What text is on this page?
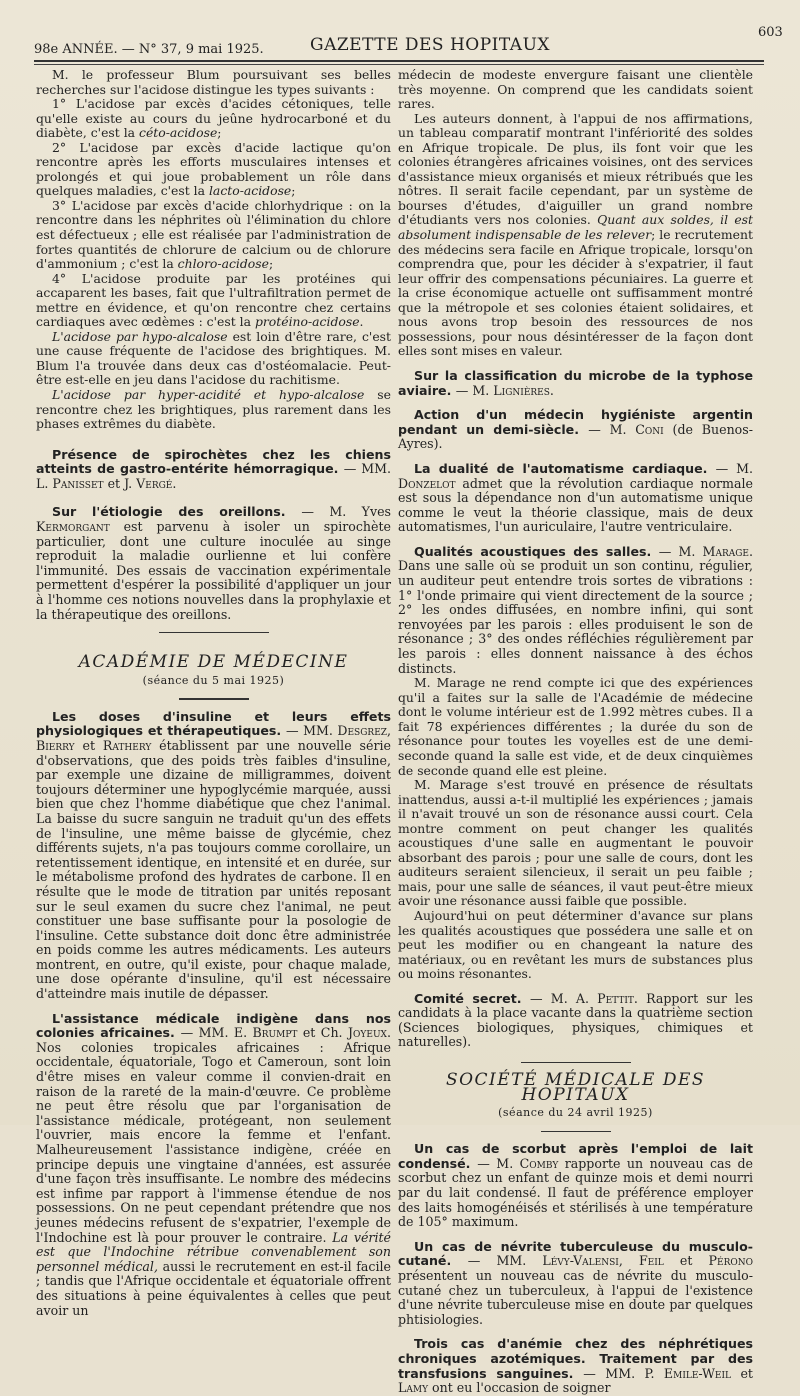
98e ANNÉE. — N° 37, 9 mai 1925.	GAZETTE DES HOPITAUX
603

M. le professeur Blum poursuivant ses belles recherches sur l'acidose distingue les types suivants :

1° L'acidose par excès d'acides cétoniques, telle qu'elle existe au cours du jeûne hydrocarboné et du diabète, c'est la céto-acidose;

2° L'acidose par excès d'acide lactique qu'on rencontre après les efforts musculaires intenses et prolongés et qui joue probablement un rôle dans quelques maladies, c'est la lacto-acidose;

3° L'acidose par excès d'acide chlorhydrique : on la rencontre dans les néphrites où l'élimination du chlore est défectueux ; elle est réalisée par l'administration de fortes quantités de chlorure de calcium ou de chlorure d'ammonium ; c'est la chloro-acidose;

4° L'acidose produite par les protéines qui accaparent les bases, fait que l'ultrafiltration permet de mettre en évidence, et qu'on rencontre chez certains cardiaques avec œdèmes : c'est la protéino-acidose.

L'acidose par hypo-alcalose est loin d'être rare, c'est une cause fréquente de l'acidose des brightiques. M. Blum l'a trouvée dans deux cas d'ostéomalacie. Peut-être est-elle en jeu dans l'acidose du rachitisme.

L'acidose par hyper-acidité et hypo-alcalose se rencontre chez les brightiques, plus rarement dans les phases extrêmes du diabète.

Présence de spirochètes chez les chiens atteints de gastro-entérite hémorragique. — MM. L. Panisset et J. Vergé.
Sur l'étiologie des oreillons. — M. Yves Kermorgant est parvenu à isoler un spirochète particulier, dont une culture inoculée au singe reproduit la maladie ourlienne et lui confère l'immunité. Des essais de vaccination expérimentale permettent d'espérer la possibilité d'appliquer un jour à l'homme ces notions nouvelles dans la prophylaxie et la thérapeutique des oreillons.
ACADÉMIE DE MÉDECINE
(séance du 5 mai 1925)
Les doses d'insuline et leurs effets physiologiques et thérapeutiques. — MM. Desgrez, Bierry et Rathery établissent par une nouvelle série d'observations, que des poids très faibles d'insuline, par exemple une dizaine de milligrammes, doivent toujours déterminer une hypoglycémie marquée, aussi bien que chez l'homme diabétique que chez l'animal. La baisse du sucre sanguin ne traduit qu'un des effets de l'insuline, une même baisse de glycémie, chez différents sujets, n'a pas toujours comme corollaire, un retentissement identique, en intensité et en durée, sur le métabolisme profond des hydrates de carbone. Il en résulte que le mode de titration par unités reposant sur le seul examen du sucre chez l'animal, ne peut constituer une base suffisante pour la posologie de l'insuline. Cette substance doit donc être administrée en poids comme les autres médicaments. Les auteurs montrent, en outre, qu'il existe, pour chaque malade, une dose opérante d'insuline, qu'il est nécessaire d'atteindre mais inutile de dépasser.
L'assistance médicale indigène dans nos colonies africaines. — MM. E. Brumpt et Ch. Joyeux. Nos colonies tropicales africaines : Afrique occidentale, équatoriale, Togo et Cameroun, sont loin d'être mises en valeur comme il convien-drait en raison de la rareté de la main-d'œuvre. Ce problème ne peut être résolu que par l'organisation de l'assistance médicale, protégeant, non seulement l'ouvrier, mais encore la femme et l'enfant. Malheureusement l'assistance indigène, créée en principe depuis une vingtaine d'années, est assurée d'une façon très insuffisante. Le nombre des médecins est infime par rapport à l'immense étendue de nos possessions. On ne peut cependant prétendre que nos jeunes médecins refusent de s'expatrier, l'exemple de l'Indochine est là pour prouver le contraire. La vérité est que l'Indochine rétribue convenablement son personnel médical, aussi le recrutement en est-il facile ; tandis que l'Afrique occidentale et équatoriale offrent des situations à peine équivalentes à celles que peut avoir un

médecin de modeste envergure faisant une clientèle très moyenne. On comprend que les candidats soient rares.

Les auteurs donnent, à l'appui de nos affirmations, un tableau comparatif montrant l'infériorité des soldes en Afrique tropicale. De plus, ils font voir que les colonies étrangères africaines voisines, ont des services d'assistance mieux organisés et mieux rétribués que les nôtres. Il serait facile cependant, par un système de bourses d'études, d'aiguiller un grand nombre d'étudiants vers nos colonies. Quant aux soldes, il est absolument indispensable de les relever; le recrutement des médecins sera facile en Afrique tropicale, lorsqu'on comprendra que, pour les décider à s'expatrier, il faut leur offrir des compensations pécuniaires. La guerre et la crise économique actuelle ont suffisamment montré que la métropole et ses colonies étaient solidaires, et nous avons trop besoin des ressources de nos possessions, pour nous désintéresser de la façon dont elles sont mises en valeur.

Sur la classification du microbe de la typhose aviaire. — M. Lignières.
Action d'un médecin hygiéniste argentin pendant un demi-siècle. — M. Coni (de Buenos-Ayres).
La dualité de l'automatisme cardiaque. — M. Donzelot admet que la révolution cardiaque normale est sous la dépendance non d'un automatisme unique comme le veut la théorie classique, mais de deux automatismes, l'un auriculaire, l'autre ventriculaire.
Qualités acoustiques des salles. — M. Marage. Dans une salle où se produit un son continu, régulier, un auditeur peut entendre trois sortes de vibrations : 1° l'onde primaire qui vient directement de la source ; 2° les ondes diffusées, en nombre infini, qui sont renvoyées par les parois : elles produisent le son de résonance ; 3° des ondes réfléchies régulièrement par les parois : elles donnent naissance à des échos distincts.

M. Marage ne rend compte ici que des expériences qu'il a faites sur la salle de l'Académie de médecine dont le volume intérieur est de 1.992 mètres cubes. Il a fait 78 expériences différentes ; la durée du son de résonance pour toutes les voyelles est de une demi-seconde quand la salle est vide, et de deux cinquièmes de seconde quand elle est pleine.

M. Marage s'est trouvé en présence de résultats inattendus, aussi a-t-il multiplié les expériences ; jamais il n'avait trouvé un son de résonance aussi court. Cela montre comment on peut changer les qualités acoustiques d'une salle en augmentant le pouvoir absorbant des parois ; pour une salle de cours, dont les auditeurs seraient silencieux, il serait un peu faible ; mais, pour une salle de séances, il vaut peut-être mieux avoir une résonance aussi faible que possible.

Aujourd'hui on peut déterminer d'avance sur plans les qualités acoustiques que possédera une salle et on peut les modifier ou en changeant la nature des matériaux, ou en revêtant les murs de substances plus ou moins résonantes.

Comité secret. — M. A. Pettit. Rapport sur les candidats à la place vacante dans la quatrième section (Sciences biologiques, physiques, chimiques et naturelles).
SOCIÉTÉ MÉDICALE DES HOPITAUX
(séance du 24 avril 1925)
Un cas de scorbut après l'emploi de lait condensé. — M. Comby rapporte un nouveau cas de scorbut chez un enfant de quinze mois et demi nourri par du lait condensé. Il faut de préférence employer des laits homogénéisés et stérilisés à une température de 105° maximum.
Un cas de névrite tuberculeuse du musculo-cutané. — MM. Lévy-Valensi, Feil et Pérono présentent un nouveau cas de névrite du musculo-cutané chez un tuberculeux, à l'appui de l'existence d'une névrite tuberculeuse mise en doute par quelques phtisiologies.
Trois cas d'anémie chez des néphrétiques chroniques azotémiques. Traitement par des transfusions sanguines. — MM. P. Emile-Weil et Lamy ont eu l'occasion de soigner
